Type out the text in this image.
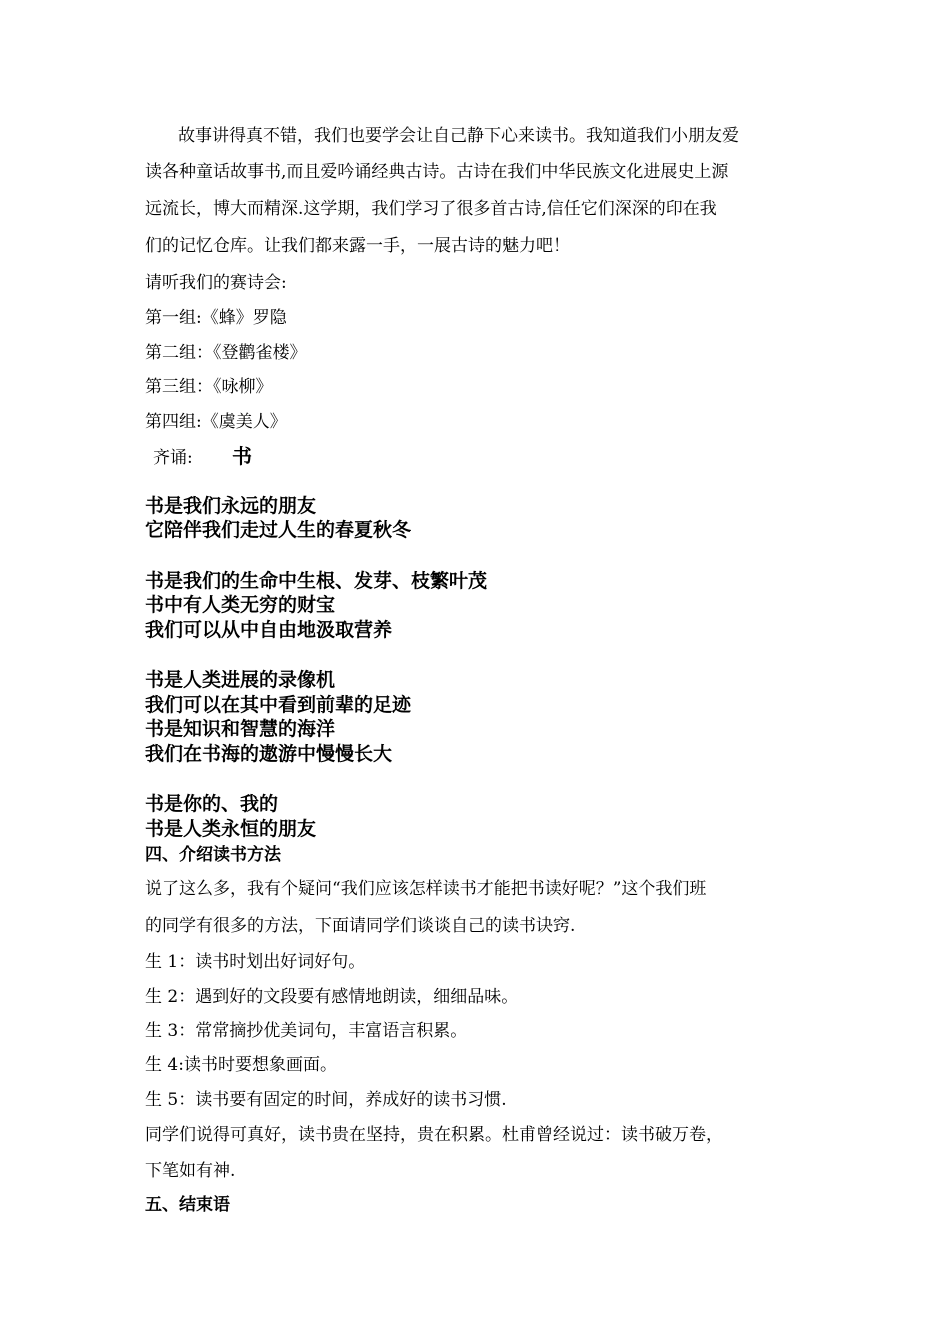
故事讲得真不错，我们也要学会让自己静下心来读书。我知道我们小朋友爱
读各种童话故事书,而且爱吟诵经典古诗。古诗在我们中华民族文化进展史上源
远流长，博大而精深.这学期，我们学习了很多首古诗,信任它们深深的印在我
们的记忆仓库。让我们都来露一手，一展古诗的魅力吧！
请听我们的赛诗会:
第一组:《蜂》罗隐
第二组：《登鹳雀楼》
第三组：《咏柳》
第四组:《虞美人》
齐诵: 书
书是我们永远的朋友
它陪伴我们走过人生的春夏秋冬
书是我们的生命中生根、发芽、枝繁叶茂
书中有人类无穷的财宝
我们可以从中自由地汲取营养
书是人类进展的录像机
我们可以在其中看到前辈的足迹
书是知识和智慧的海洋
我们在书海的遨游中慢慢长大
书是你的、我的
书是人类永恒的朋友
四、介绍读书方法
说了这么多，我有个疑问“我们应该怎样读书才能把书读好呢？”这个我们班
的同学有很多的方法，下面请同学们谈谈自己的读书诀窍.
生 1：读书时划出好词好句。
生 2：遇到好的文段要有感情地朗读，细细品味。
生 3：常常摘抄优美词句，丰富语言积累。
生 4:读书时要想象画面。
生 5：读书要有固定的时间，养成好的读书习惯.
同学们说得可真好，读书贵在坚持，贵在积累。杜甫曾经说过：读书破万卷，
下笔如有神.
五、结束语
